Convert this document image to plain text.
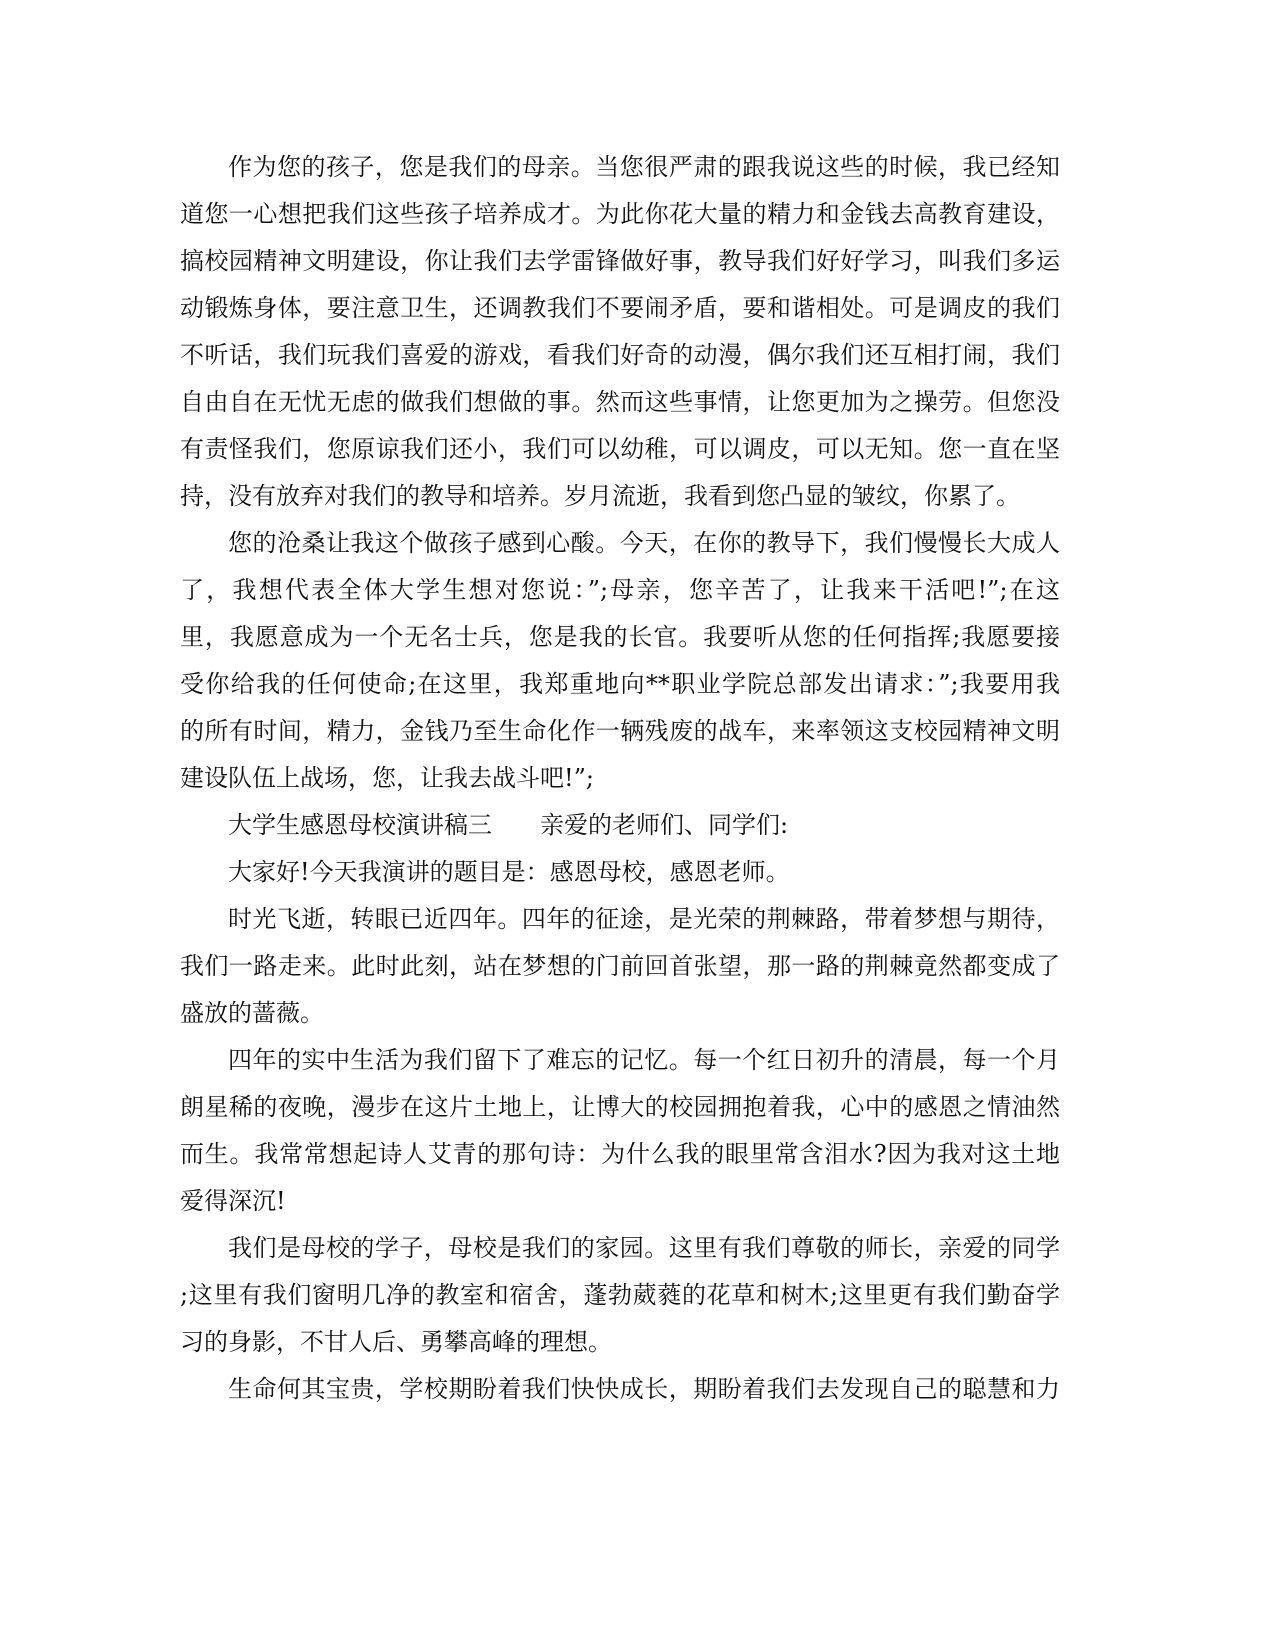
作为您的孩子，您是我们的母亲。当您很严肃的跟我说这些的时候，我已经知
道您一心想把我们这些孩子培养成才。为此你花大量的精力和金钱去高教育建设，
搞校园精神文明建设，你让我们去学雷锋做好事，教导我们好好学习，叫我们多运
动锻炼身体，要注意卫生，还调教我们不要闹矛盾，要和谐相处。可是调皮的我们
不听话，我们玩我们喜爱的游戏，看我们好奇的动漫，偶尔我们还互相打闹，我们
自由自在无忧无虑的做我们想做的事。然而这些事情，让您更加为之操劳。但您没
有责怪我们，您原谅我们还小，我们可以幼稚，可以调皮，可以无知。您一直在坚
持，没有放弃对我们的教导和培养。岁月流逝，我看到您凸显的皱纹，你累了。
您的沧桑让我这个做孩子感到心酸。今天，在你的教导下，我们慢慢长大成人
了，我想代表全体大学生想对您说：”;母亲，您辛苦了，让我来干活吧!”;在这
里，我愿意成为一个无名士兵，您是我的长官。我要听从您的任何指挥;我愿要接
受你给我的任何使命;在这里，我郑重地向**职业学院总部发出请求：”;我要用我
的所有时间，精力，金钱乃至生命化作一辆残废的战车，来率领这支校园精神文明
建设队伍上战场，您，让我去战斗吧!”;
大学生感恩母校演讲稿三 亲爱的老师们、同学们:
大家好!今天我演讲的题目是：感恩母校，感恩老师。
时光飞逝，转眼已近四年。四年的征途，是光荣的荆棘路，带着梦想与期待，
我们一路走来。此时此刻，站在梦想的门前回首张望，那一路的荆棘竟然都变成了
盛放的蔷薇。
四年的实中生活为我们留下了难忘的记忆。每一个红日初升的清晨，每一个月
朗星稀的夜晚，漫步在这片土地上，让博大的校园拥抱着我，心中的感恩之情油然
而生。我常常想起诗人艾青的那句诗：为什么我的眼里常含泪水?因为我对这土地
爱得深沉!
我们是母校的学子，母校是我们的家园。这里有我们尊敬的师长，亲爱的同学
;这里有我们窗明几净的教室和宿舍，蓬勃葳蕤的花草和树木;这里更有我们勤奋学
习的身影，不甘人后、勇攀高峰的理想。
生命何其宝贵，学校期盼着我们快快成长，期盼着我们去发现自己的聪慧和力
